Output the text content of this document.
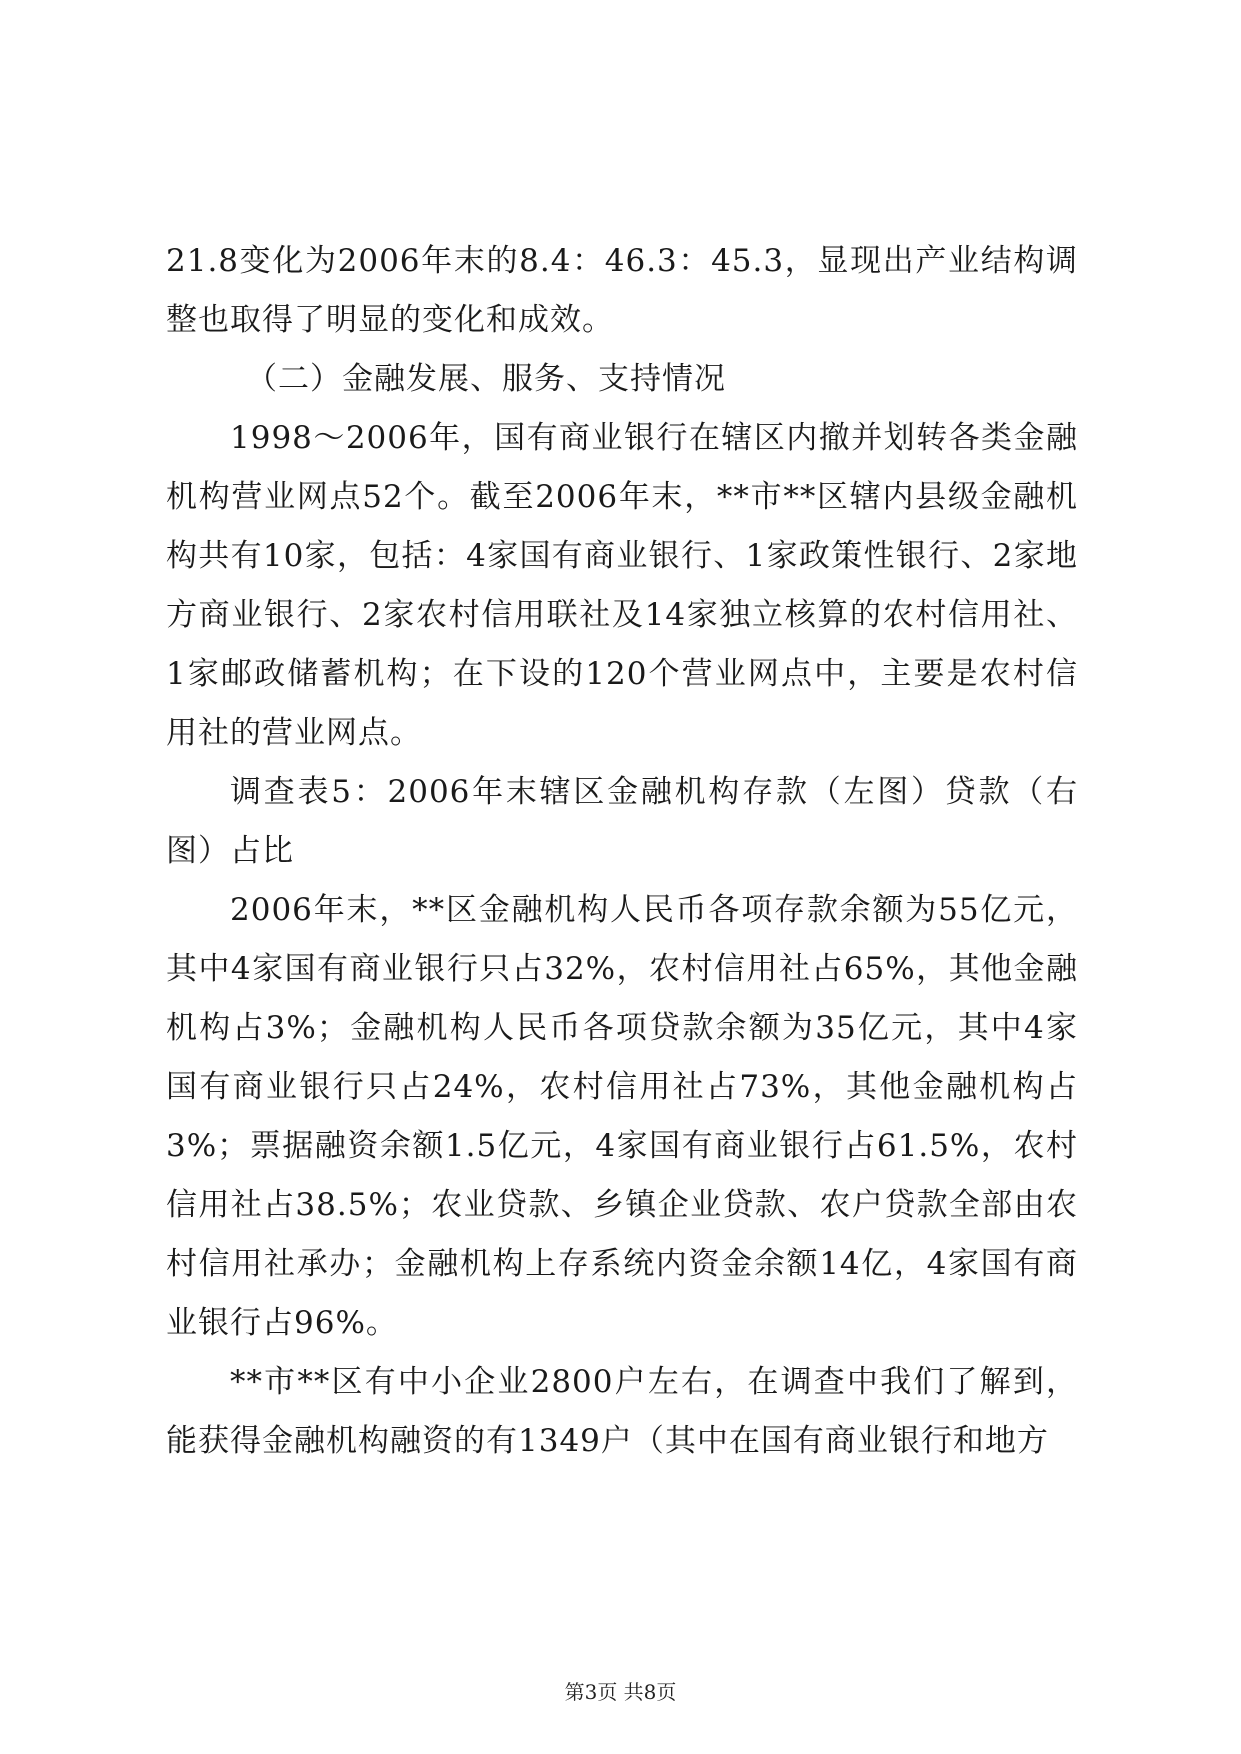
21.8变化为2006年末的8.4：46.3：45.3，显现出产业结构调整也取得了明显的变化和成效。

（二）金融发展、服务、支持情况

1998～2006年，国有商业银行在辖区内撤并划转各类金融机构营业网点52个。截至2006年末，**市**区辖内县级金融机构共有10家，包括：4家国有商业银行、1家政策性银行、2家地方商业银行、2家农村信用联社及14家独立核算的农村信用社、1家邮政储蓄机构；在下设的120个营业网点中，主要是农村信用社的营业网点。

调查表5：2006年末辖区金融机构存款（左图）贷款（右图）占比

2006年末，**区金融机构人民币各项存款余额为55亿元，其中4家国有商业银行只占32%，农村信用社占65%，其他金融机构占3%；金融机构人民币各项贷款余额为35亿元，其中4家国有商业银行只占24%，农村信用社占73%，其他金融机构占3%；票据融资余额1.5亿元，4家国有商业银行占61.5%，农村信用社占38.5%；农业贷款、乡镇企业贷款、农户贷款全部由农村信用社承办；金融机构上存系统内资金余额14亿，4家国有商业银行占96%。

**市**区有中小企业2800户左右，在调查中我们了解到，能获得金融机构融资的有1349户（其中在国有商业银行和地方

第3页 共8页
